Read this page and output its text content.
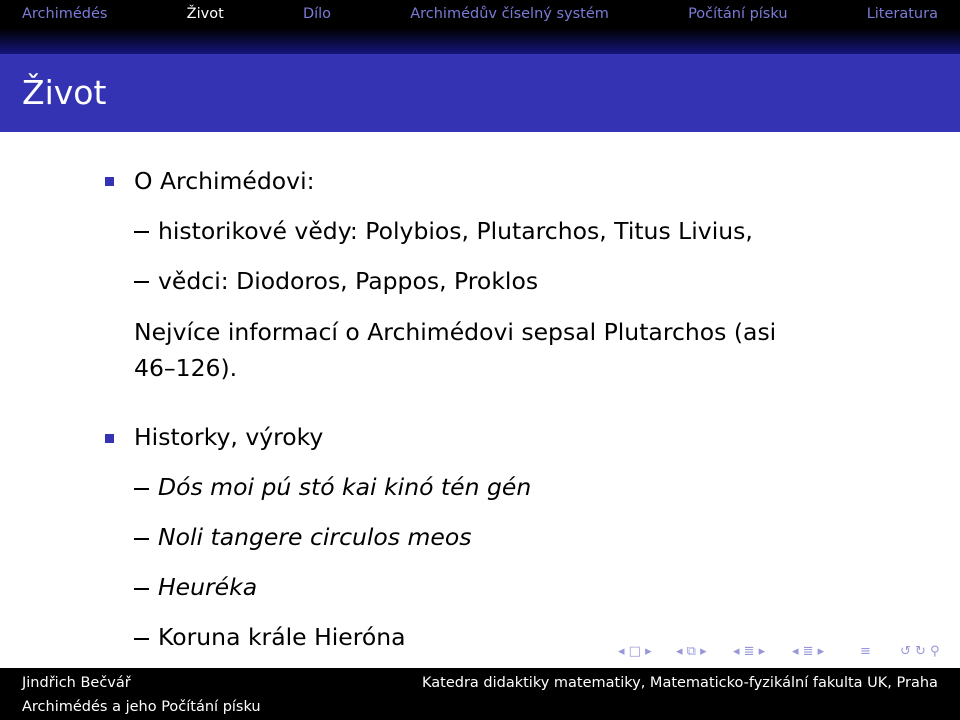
Archimédés	Život	Dílo	Archimédův číselný systém	Počítání písku	Literatura
Život
O Archimédovi:
historikové vědy: Polybios, Plutarchos, Titus Livius,
vědci: Diodoros, Pappos, Proklos
Nejvíce informací o Archimédovi sepsal Plutarchos (asi
46–126).
Historky, výroky
Dós moi pú stó kai kinó tén gén
Noli tangere circulos meos
Heuréka
Koruna krále Hieróna
◂ □ ▸ ◂ ⧉ ▸ ◂ ≣ ▸ ◂ ≣ ▸	≡ ↺ ↻ ⚲
Jindřich Bečvář	Katedra didaktiky matematiky, Matematicko-fyzikální fakulta UK, Praha
Archimédés a jeho Počítání písku
